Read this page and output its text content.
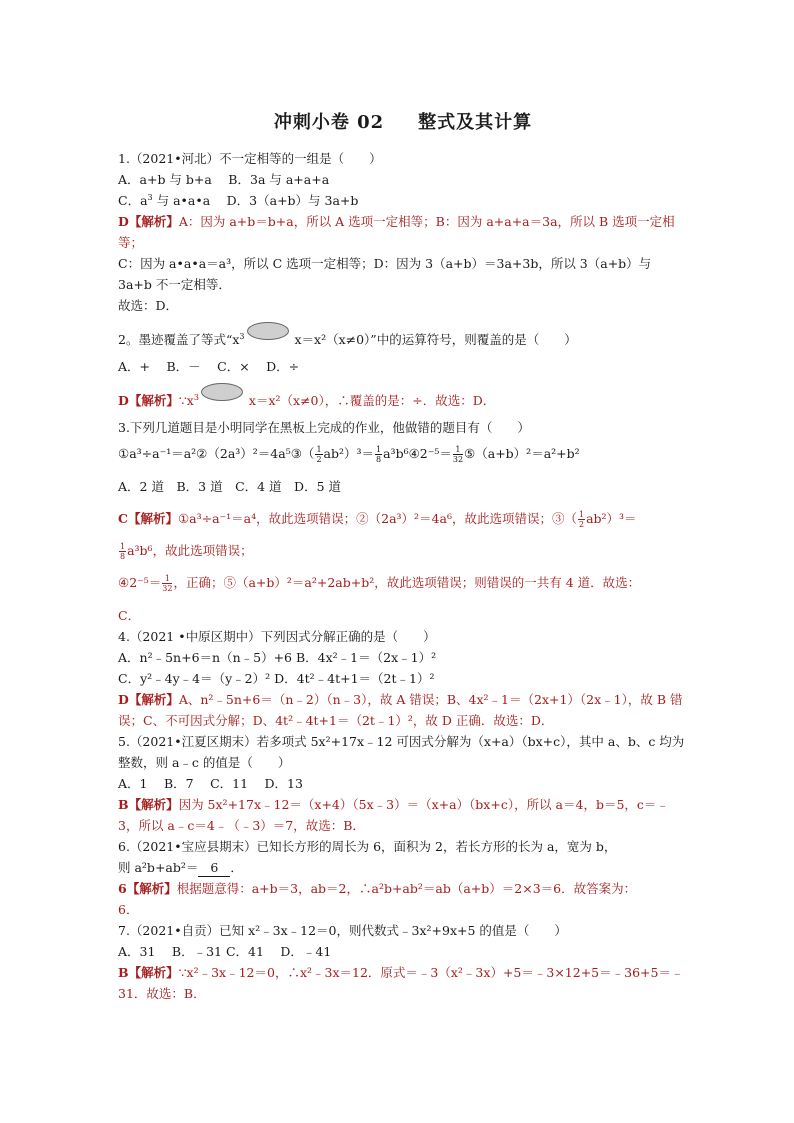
冲刺小卷 02 整式及其计算
1.（2021•河北）不一定相等的一组是（　　）
A．a+b 与 b+a　 B．3a 与 a+a+a
C．$a^3$ 与 a•a•a　 D．3（a+b）与 3a+b
D【解析】A：因为 a+b＝b+a，所以 A 选项一定相等；B：因为 a+a+a＝3a，所以 B 选项一定相等；
C：因为 a•a•a＝a³，所以 C 选项一定相等；D：因为 3（a+b）＝3a+3b，所以 3（a+b）与 3a+b 不一定相等．
故选：D．
2。墨迹覆盖了等式“$x^3$	x＝x²（x≠0）”中的运算符号，则覆盖的是（　　）
A．+　 B．－　 C．×　 D．÷
D【解析】$\because x^3$	x＝x²（x≠0），∴覆盖的是：÷．故选：D．
3.下列几道题目是小明同学在黑板上完成的作业，他做错的题目有（　　）
①a³÷a⁻¹＝a²②（2a³）²＝4a⁵③（ $\frac{1}{2} ab^2)^3= \frac{1}{8}$ a³b⁶④2⁻⁵＝ $\frac{1}{32}$ ⑤（a+b）²＝a²+b²
A．2 道　B．3 道　C．4 道　D．5 道
C【解析】①a³÷a⁻¹＝a⁴，故此选项错误；②（2a³）²＝4a⁶，故此选项错误；③（ $\frac{1}{2} ab^2)^3=$
$\frac{1}{8} a^3b^6$，故此选项错误；
④2⁻⁵＝ $\frac{1}{32}$ ，正确；⑤（a+b）²＝a²+2ab+b²，故此选项错误；则错误的一共有 4 道．故选：
C．
4.（2021 •中原区期中）下列因式分解正确的是（　　）
A．n²﹣5n+6＝n（n﹣5）+6 B．4x²﹣1＝（2x﹣1）²
C．y²﹣4y﹣4＝（y﹣2）² D．4t²﹣4t+1＝（2t﹣1）²
D【解析】A、n²﹣5n+6＝（n﹣2）（n﹣3），故 A 错误；B、4x²﹣1＝（2x+1）（2x﹣1），故 B 错误；C、不可因式分解；D、4t²﹣4t+1＝（2t﹣1）²，故 D 正确．故选：D．
5.（2021•江夏区期末）若多项式 5x²+17x﹣12 可因式分解为（x+a）（bx+c），其中 a、b、c 均为整数，则 a﹣c 的值是（　　）
A．1　 B．7　 C．11　 D．13
B【解析】因为 5x²+17x﹣12＝（x+4）（5x﹣3）＝（x+a）（bx+c），所以 a＝4，b＝5，c＝﹣3，所以 a﹣c＝4﹣（﹣3）＝7，故选：B．
6.（2021•宝应县期末）已知长方形的周长为 6，面积为 2，若长方形的长为 a，宽为 b，
则 a²b+ab²＝ 6 ．
6【解析】根据题意得：a+b＝3，ab＝2，∴a²b+ab²＝ab（a+b）＝2×3＝6．故答案为：
6．
7.（2021•自贡）已知 x²﹣3x﹣12＝0，则代数式﹣3x²+9x+5 的值是（　　）
A．31　 B．﹣31 C．41　 D．﹣41
B【解析】∵x²﹣3x﹣12＝0，∴x²﹣3x＝12．原式＝﹣3（x²﹣3x）+5＝﹣3×12+5＝﹣36+5＝﹣31．故选：B．
